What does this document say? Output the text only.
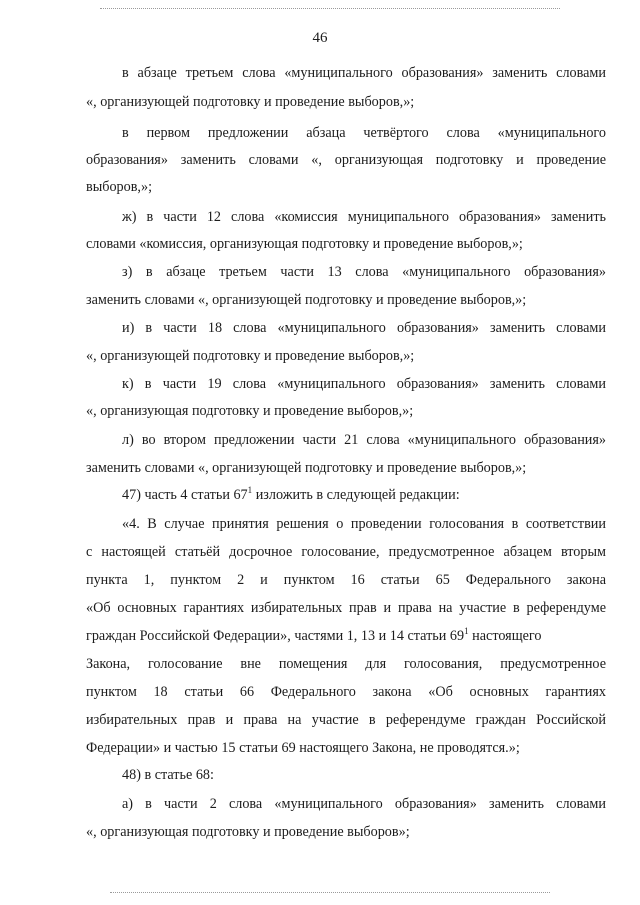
46
в абзаце третьем слова «муниципального образования» заменить словами
«, организующей подготовку и проведение выборов,»;
в первом предложении абзаца четвёртого слова «муниципального
образования» заменить словами «, организующая подготовку и проведение
выборов,»;
ж) в части 12 слова «комиссия муниципального образования» заменить
словами «комиссия, организующая подготовку и проведение выборов,»;
з) в абзаце третьем части 13 слова «муниципального образования»
заменить словами «, организующей подготовку и проведение выборов,»;
и) в части 18 слова «муниципального образования» заменить словами
«, организующей подготовку и проведение выборов,»;
к) в части 19 слова «муниципального образования» заменить словами
«, организующая подготовку и проведение выборов,»;
л) во втором предложении части 21 слова «муниципального образования»
заменить словами «, организующей подготовку и проведение выборов,»;
47) часть 4 статьи $67^1$ изложить в следующей редакции:
«4. В случае принятия решения о проведении голосования в соответствии
с настоящей статьёй досрочное голосование, предусмотренное абзацем вторым
пункта 1, пунктом 2 и пунктом 16 статьи 65 Федерального закона
«Об основных гарантиях избирательных прав и права на участие в референдуме
граждан Российской Федерации», частями 1, 13 и 14 статьи $69^1$ настоящего
Закона, голосование вне помещения для голосования, предусмотренное
пунктом 18 статьи 66 Федерального закона «Об основных гарантиях
избирательных прав и права на участие в референдуме граждан Российской
Федерации» и частью 15 статьи 69 настоящего Закона, не проводятся.»;
48) в статье 68:
а) в части 2 слова «муниципального образования» заменить словами
«, организующая подготовку и проведение выборов»;
